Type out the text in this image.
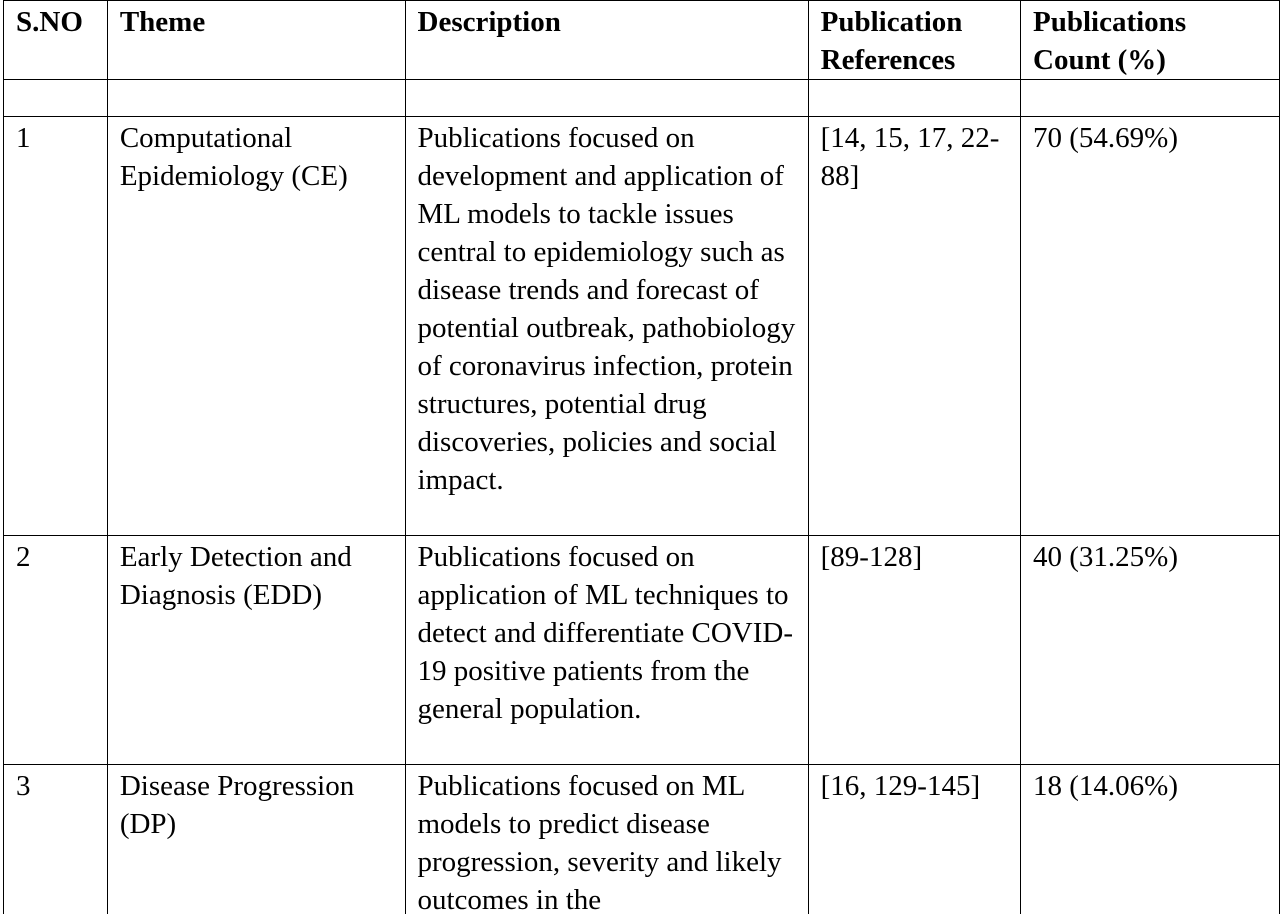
S.NO	Theme	Description	Publication References	Publications Count (%)

1	Computational Epidemiology (CE)	Publications focused on development and application of ML models to tackle issues central to epidemiology such as disease trends and forecast of potential outbreak, pathobiology of coronavirus infection, protein structures, potential drug discoveries, policies and social impact.	[14, 15, 17, 22-88]	70 (54.69%)
2	Early Detection and Diagnosis (EDD)	Publications focused on application of ML techniques to detect and differentiate COVID-19 positive patients from the general population.	[89-128]	40 (31.25%)
3	Disease Progression (DP)	Publications focused on ML models to predict disease progression, severity and likely outcomes in the	[16, 129-145]	18 (14.06%)
